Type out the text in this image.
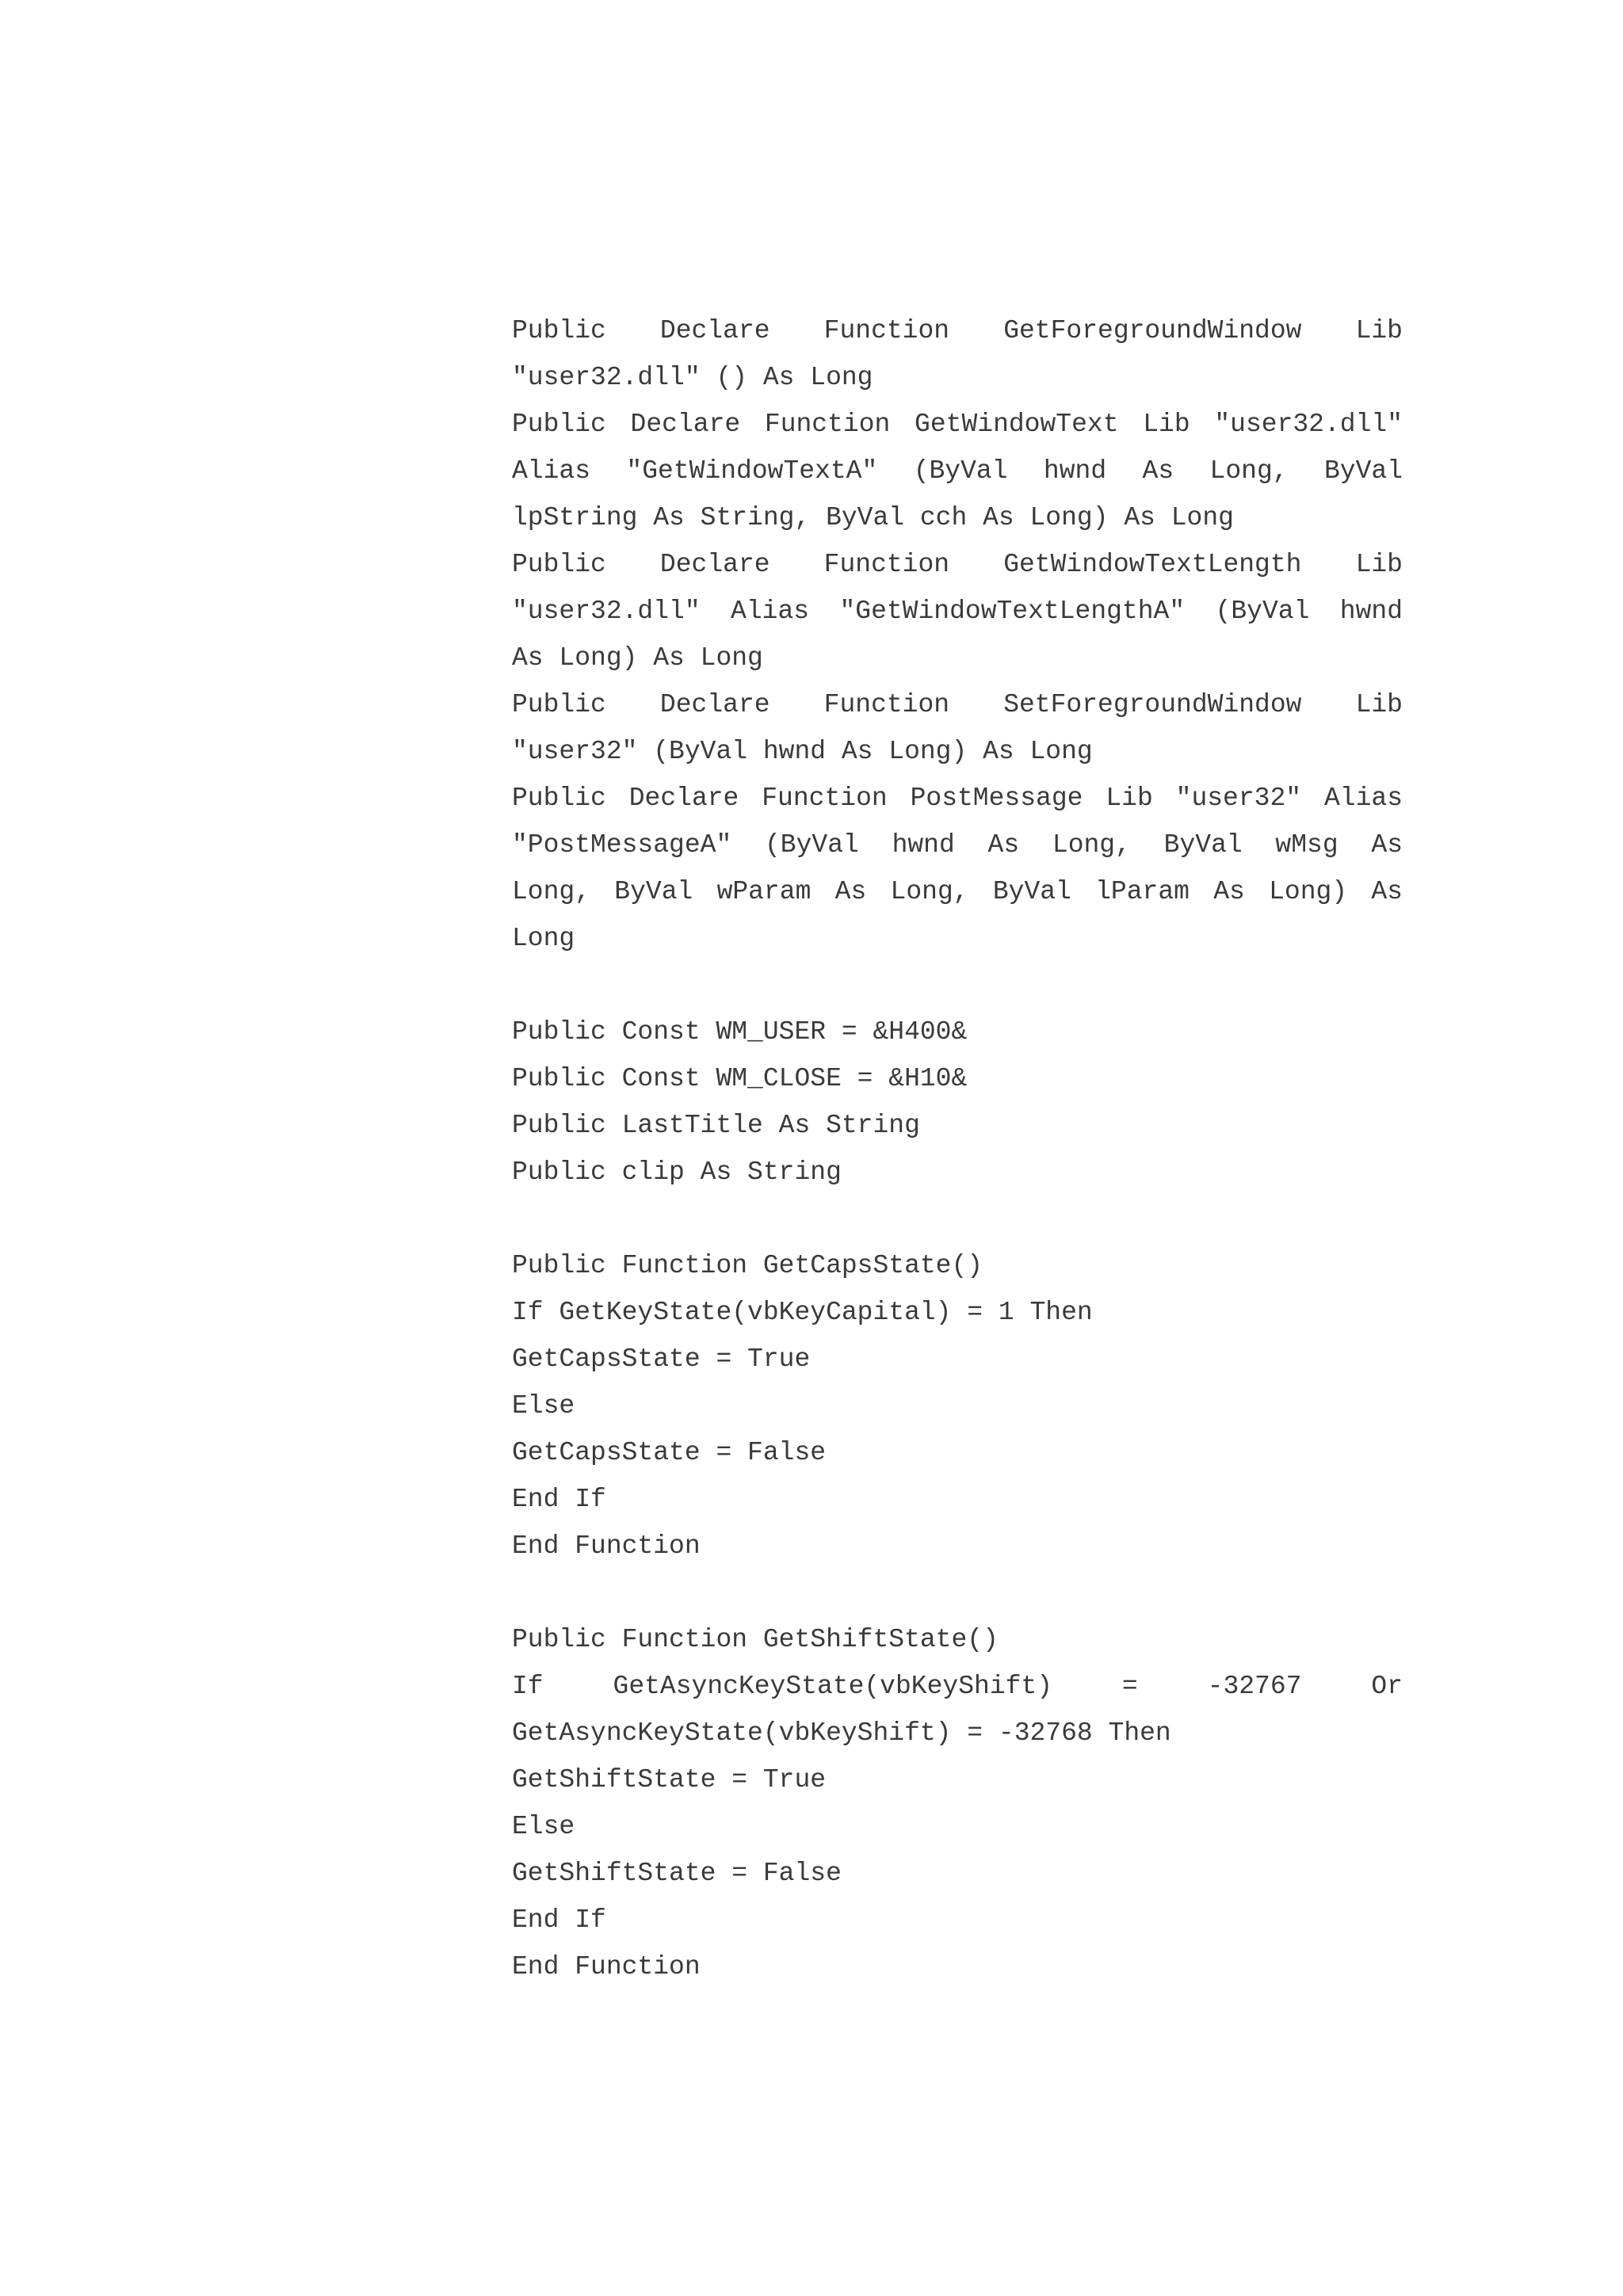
Public Declare Function GetForegroundWindow Lib
"user32.dll" () As Long
Public Declare Function GetWindowText Lib "user32.dll"
Alias "GetWindowTextA" (ByVal hwnd As Long, ByVal
lpString As String, ByVal cch As Long) As Long
Public Declare Function GetWindowTextLength Lib
"user32.dll" Alias "GetWindowTextLengthA" (ByVal hwnd
As Long) As Long
Public Declare Function SetForegroundWindow Lib
"user32" (ByVal hwnd As Long) As Long
Public Declare Function PostMessage Lib "user32" Alias
"PostMessageA" (ByVal hwnd As Long, ByVal wMsg As
Long, ByVal wParam As Long, ByVal lParam As Long) As
Long
Public Const WM_USER = &H400&
Public Const WM_CLOSE = &H10&
Public LastTitle As String
Public clip As String
Public Function GetCapsState()
If GetKeyState(vbKeyCapital) = 1 Then
GetCapsState = True
Else
GetCapsState = False
End If
End Function
Public Function GetShiftState()
If GetAsyncKeyState(vbKeyShift) = -32767 Or
GetAsyncKeyState(vbKeyShift) = -32768 Then
GetShiftState = True
Else
GetShiftState = False
End If
End Function
